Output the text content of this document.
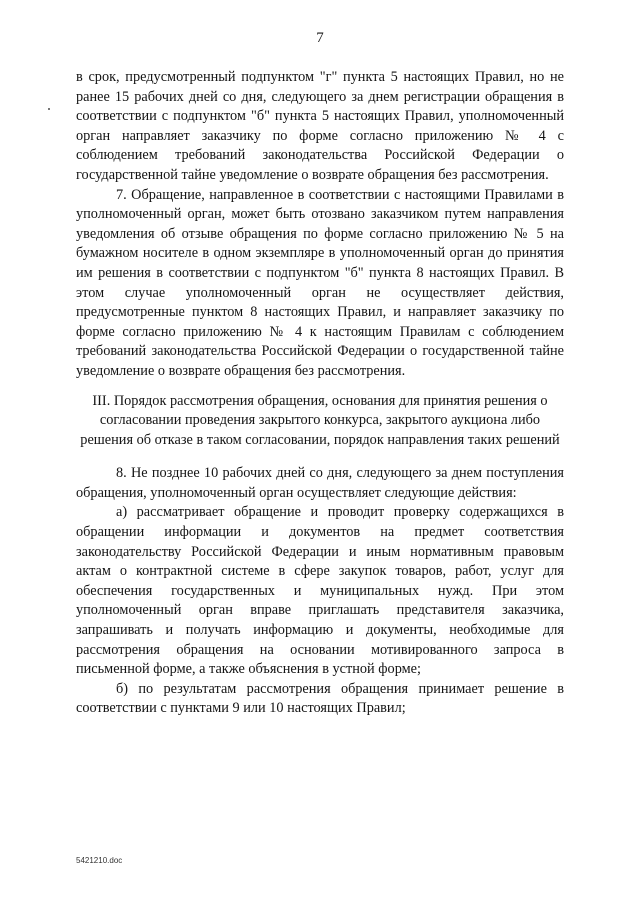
7

в срок, предусмотренный подпунктом "г" пункта 5 настоящих Правил, но не ранее 15 рабочих дней со дня, следующего за днем регистрации обращения в соответствии с подпунктом "б" пункта 5 настоящих Правил, уполномоченный орган направляет заказчику по форме согласно приложению № 4 с соблюдением требований законодательства Российской Федерации о государственной тайне уведомление о возврате обращения без рассмотрения.

7. Обращение, направленное в соответствии с настоящими Правилами в уполномоченный орган, может быть отозвано заказчиком путем направления уведомления об отзыве обращения по форме согласно приложению № 5 на бумажном носителе в одном экземпляре в уполномоченный орган до принятия им решения в соответствии с подпунктом "б" пункта 8 настоящих Правил. В этом случае уполномоченный орган не осуществляет действия, предусмотренные пунктом 8 настоящих Правил, и направляет заказчику по форме согласно приложению № 4 к настоящим Правилам с соблюдением требований законодательства Российской Федерации о государственной тайне уведомление о возврате обращения без рассмотрения.

III. Порядок рассмотрения обращения, основания для принятия решения о согласовании проведения закрытого конкурса, закрытого аукциона либо решения об отказе в таком согласовании, порядок направления таких решений

8. Не позднее 10 рабочих дней со дня, следующего за днем поступления обращения, уполномоченный орган осуществляет следующие действия:

а) рассматривает обращение и проводит проверку содержащихся в обращении информации и документов на предмет соответствия законодательству Российской Федерации и иным нормативным правовым актам о контрактной системе в сфере закупок товаров, работ, услуг для обеспечения государственных и муниципальных нужд. При этом уполномоченный орган вправе приглашать представителя заказчика, запрашивать и получать информацию и документы, необходимые для рассмотрения обращения на основании мотивированного запроса в письменной форме, а также объяснения в устной форме;

б) по результатам рассмотрения обращения принимает решение в соответствии с пунктами 9 или 10 настоящих Правил;

5421210.doc
